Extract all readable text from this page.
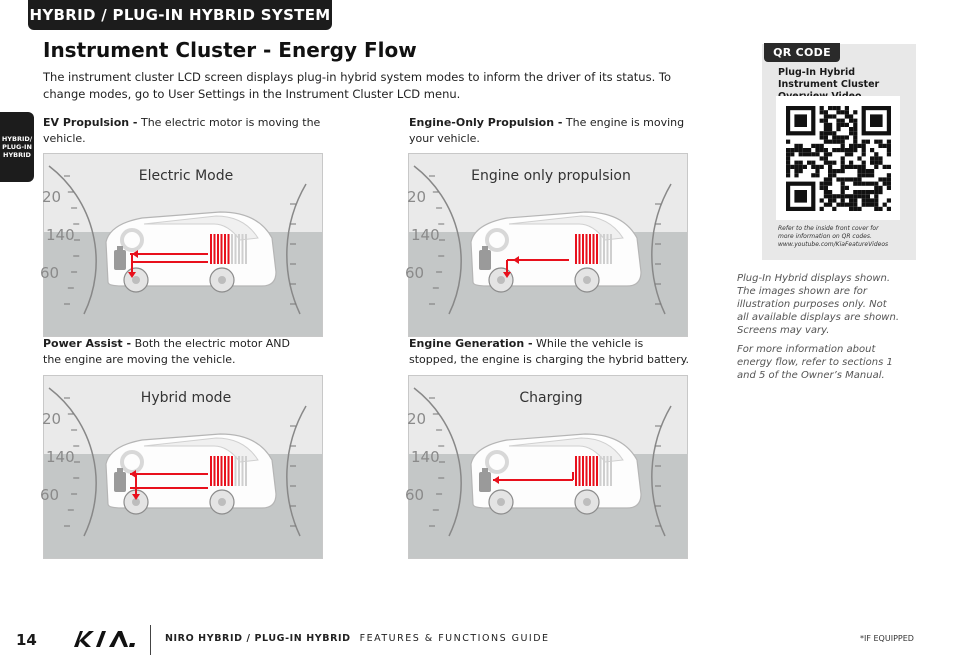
HYBRID / PLUG-IN HYBRID SYSTEM
HYBRID/
PLUG-IN
HYBRID
Instrument Cluster - Energy Flow
The instrument cluster LCD screen displays plug-in hybrid system modes to inform the driver of its status. To change modes, go to User Settings in the Instrument Cluster LCD menu.
EV Propulsion - The electric motor is moving the vehicle.
Engine-Only Propulsion - The engine is moving your vehicle.
Power Assist - Both the electric motor AND the engine are moving the vehicle.
Engine Generation - While the vehicle is stopped, the engine is charging the hybrid battery.
20
140
60
Electric Mode
20
140
60
Engine only propulsion
20
140
60
Hybrid mode
20
140
60
Charging
QR CODE
Plug-In Hybrid Instrument Cluster
Refer to the inside front cover for
more information on QR codes.
www.youtube.com/KiaFeatureVideos
Plug-In Hybrid displays shown.
The images shown are for
illustration purposes only. Not
all available displays are shown.
Screens may vary.
For more information about
energy flow, refer to sections 1
and 5 of the Owner’s Manual.
14	NIRO HYBRID / PLUG-IN HYBRID FEATURES & FUNCTIONS GUIDE	*IF EQUIPPED
